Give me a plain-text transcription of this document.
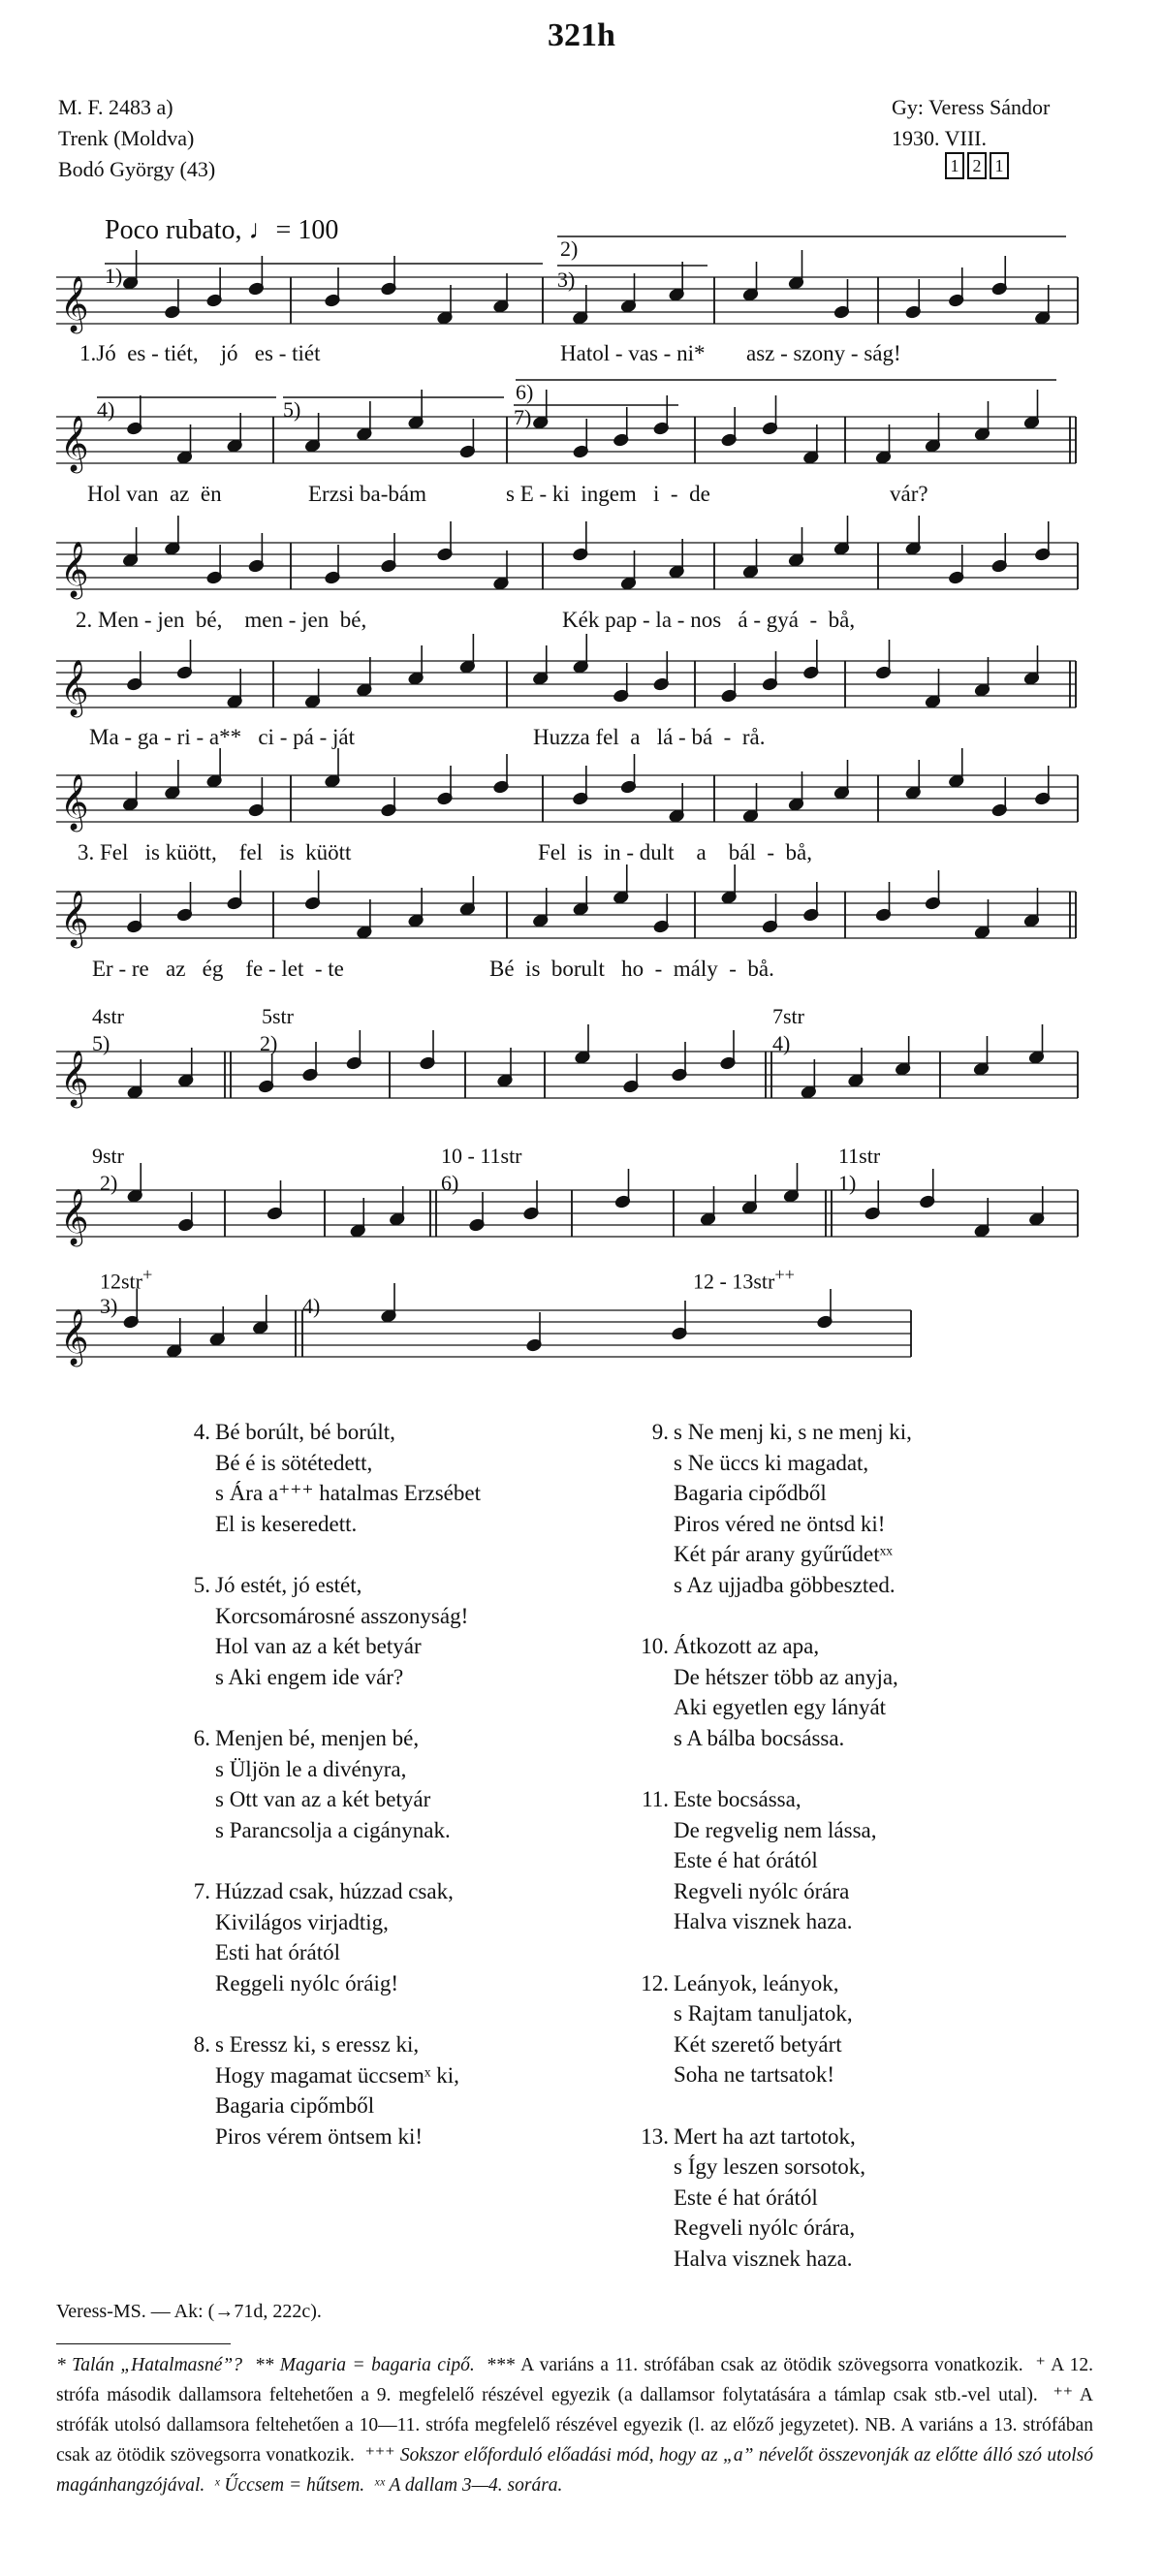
321h
M. F. 2483 a)
Trenk (Moldva)
Bodó György (43)
Gy: Veress Sándor
1930. VIII.
1 2 1
Poco rubato, ♩= 100
𝄞
𝄞
𝄞
𝄞
𝄞
𝄞
𝄞
𝄞
𝄞
1)
2)
3)
4)	5)
6)
7)
1.Jó  es - tiét,    jó   es - tiét	Hatol - vas - ni* asz - szony - ság!
Hol van  az  ën	Erzsi ba-bám	s E - ki  ingem   i  -  de	vár?
2. Men - jen  bé,    men - jen  bé,	Kék pap - la - nos   á - gyá  -  bå,
Ma - ga - ri - a**   ci - pá - ját	Huzza fel  a   lá - bá  -  rå.
3. Fel   is küött,    fel   is  küött	Fel  is  in - dult    a    bál  -  bå,
Er - re   az   ég    fe - let  - te	Bé  is  borult   ho  -  mály  -  bå.
4str
5)
5str
2)
7str
4)
9str
2)
10 - 11str
6)
11str
1)
12str+
3)	4)
12 - 13str++
4. Bé borúlt, bé borúlt,
Bé é is sötétedett,
s Ára a⁺⁺⁺ hatalmas Erzsébet
El is keseredett.
5. Jó estét, jó estét,
Korcsomárosné asszonyság!
Hol van az a két betyár
s Aki engem ide vár?
6. Menjen bé, menjen bé,
s Üljön le a divényra,
s Ott van az a két betyár
s Parancsolja a cigánynak.
7. Húzzad csak, húzzad csak,
Kivilágos virjadtig,
Esti hat órától
Reggeli nyólc óráig!
8. s Eressz ki, s eressz ki,
Hogy magamat üccsemˣ ki,
Bagaria cipőmből
Piros vérem öntsem ki!
9. s Ne menj ki, s ne menj ki,
s Ne üccs ki magadat,
Bagaria cipődből
Piros véred ne öntsd ki!
Két pár arany gyűrűdetˣˣ
s Az ujjadba göbbeszted.
10. Átkozott az apa,
De hétszer több az anyja,
Aki egyetlen egy lányát
s A bálba bocsássa.
11. Este bocsássa,
De regvelig nem lássa,
Este é hat órától
Regveli nyólc órára
Halva visznek haza.
12. Leányok, leányok,
s Rajtam tanuljatok,
Két szerető betyárt
Soha ne tartsatok!
13. Mert ha azt tartotok,
s Így leszen sorsotok,
Este é hat órától
Regveli nyólc órára,
Halva visznek haza.
Veress-MS. — Ak: (→71d, 222c).
* Talán „Hatalmasné”? ** Magaria = bagaria cipő. *** A variáns a 11. strófában csak az ötödik szövegsorra vonatkozik. ⁺ A 12. strófa második dallamsora feltehetően a 9. megfelelő részével egyezik (a dallamsor folytatására a támlap csak stb.-vel utal). ⁺⁺ A strófák utolsó dallamsora feltehetően a 10—11. strófa megfelelő részével egyezik (l. az előző jegyzetet). NB. A variáns a 13. strófában csak az ötödik szövegsorra vonatkozik. ⁺⁺⁺ Sokszor előforduló előadási mód, hogy az „a” névelőt összevonják az előtte álló szó utolsó magánhangzójával. ˣ Űccsem = hűtsem. ˣˣ A dallam 3—4. sorára.
